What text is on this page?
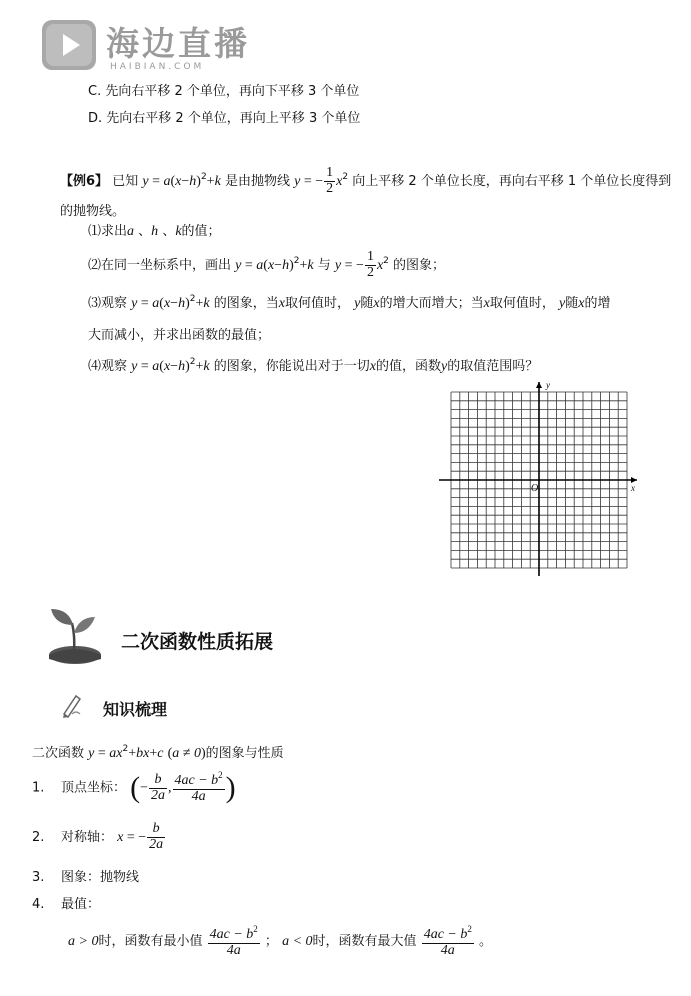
海边直播
HAIBIAN.COM
C. 先向右平移 2 个单位，再向下平移 3 个单位
D. 先向右平移 2 个单位，再向上平移 3 个单位
【例6】 已知 $y = a(x-h)^2+k$ 是由抛物线 y = − $\frac{1}{2} x^2$ 向上平移 2 个单位长度，再向右平移 1 个单位长度得到
的抛物线。
⑴求出a 、h 、k的值；
⑵在同一坐标系中，画出 $y = a(x-h)^2+k$ 与 y = − $\frac{1}{2} x^2$ 的图象；
⑶观察 $y = a(x-h)^2+k$ 的图象，当x取何值时， y随x的增大而增大；当x取何值时， y随x的增
大而减小，并求出函数的最值；
⑷观察 $y = a(x-h)^2+k$ 的图象，你能说出对于一切x的值，函数y的取值范围吗？
y
x
O
二次函数性质拓展
知识梳理
二次函数 $y = ax^2+bx+c$ (a ≠ 0)的图象与性质
1. 顶点坐标： (− $\frac{b}{2a}$ , $\frac{4ac - b^2}{4a}$ )
2. 对称轴： x = − $\frac{b}{2a}$
3. 图象：抛物线
4. 最值：
a > 0时，函数有最小值 $\frac{4ac - b^2}{4a}$ ； a < 0时，函数有最大值 $\frac{4ac - b^2}{4a}$ 。
